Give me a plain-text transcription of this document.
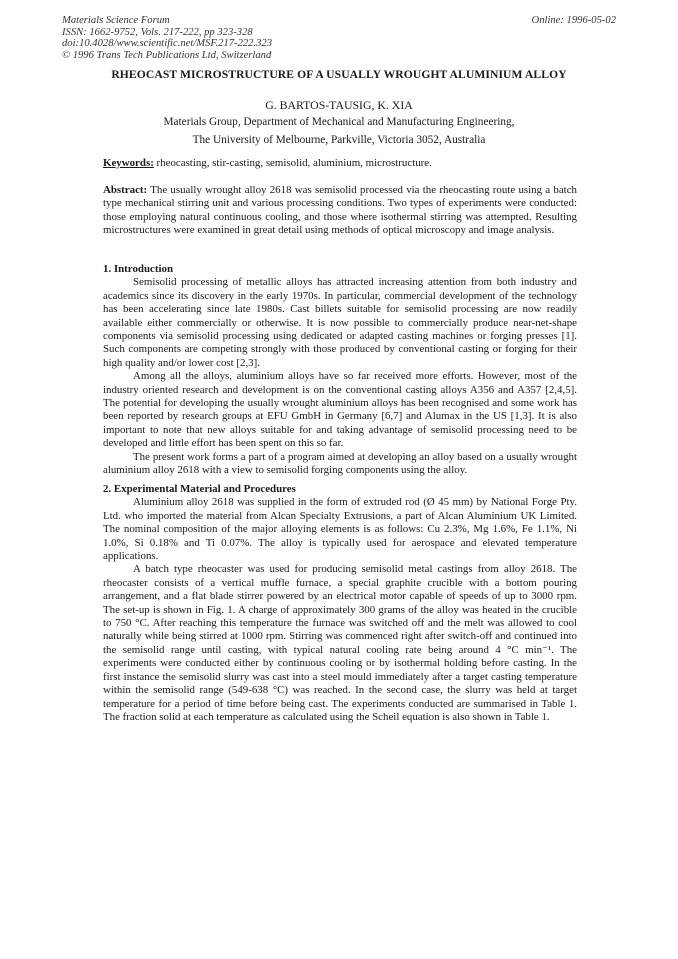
Materials Science Forum
ISSN: 1662-9752, Vols. 217-222, pp 323-328
doi:10.4028/www.scientific.net/MSF.217-222.323
© 1996 Trans Tech Publications Ltd, Switzerland
Online: 1996-05-02
RHEOCAST MICROSTRUCTURE OF A USUALLY WROUGHT ALUMINIUM ALLOY
G. BARTOS-TAUSIG, K. XIA
Materials Group, Department of Mechanical and Manufacturing Engineering,
The University of Melbourne, Parkville, Victoria 3052, Australia

Keywords: rheocasting, stir-casting, semisolid, aluminium, microstructure.

Abstract: The usually wrought alloy 2618 was semisolid processed via the rheocasting route using a batch type mechanical stirring unit and various processing conditions. Two types of experiments were conducted: those employing natural continuous cooling, and those where isothermal stirring was attempted. Resulting microstructures were examined in great detail using methods of optical microscopy and image analysis.

1. Introduction

Semisolid processing of metallic alloys has attracted increasing attention from both industry and academics since its discovery in the early 1970s. In particular, commercial development of the technology has been accelerating since late 1980s. Cast billets suitable for semisolid processing are now readily available either commercially or otherwise. It is now possible to commercially produce near-net-shape components via semisolid processing using dedicated or adapted casting machines or forging presses [1]. Such components are competing strongly with those produced by conventional casting or forging for their high quality and/or lower cost [2,3].

Among all the alloys, aluminium alloys have so far received more efforts. However, most of the industry oriented research and development is on the conventional casting alloys A356 and A357 [2,4,5]. The potential for developing the usually wrought aluminium alloys has been recognised and some work has been reported by research groups at EFU GmbH in Germany [6,7] and Alumax in the US [1,3]. It is also important to note that new alloys suitable for and taking advantage of semisolid processing need to be developed and little effort has been spent on this so far.

The present work forms a part of a program aimed at developing an alloy based on a usually wrought aluminium alloy 2618 with a view to semisolid forging components using the alloy.

2. Experimental Material and Procedures

Aluminium alloy 2618 was supplied in the form of extruded rod (Ø 45 mm) by National Forge Pty. Ltd. who imported the material from Alcan Specialty Extrusions, a part of Alcan Aluminium UK Limited. The nominal composition of the major alloying elements is as follows: Cu 2.3%, Mg 1.6%, Fe 1.1%, Ni 1.0%, Si 0.18% and Ti 0.07%. The alloy is typically used for aerospace and elevated temperature applications.

A batch type rheocaster was used for producing semisolid metal castings from alloy 2618. The rheocaster consists of a vertical muffle furnace, a special graphite crucible with a bottom pouring arrangement, and a flat blade stirrer powered by an electrical motor capable of speeds of up to 3000 rpm. The set-up is shown in Fig. 1. A charge of approximately 300 grams of the alloy was heated in the crucible to 750 °C. After reaching this temperature the furnace was switched off and the melt was allowed to cool naturally while being stirred at 1000 rpm. Stirring was commenced right after switch-off and continued into the semisolid range until casting, with typical natural cooling rate being around 4 °C min⁻¹. The experiments were conducted either by continuous cooling or by isothermal holding before casting. In the first instance the semisolid slurry was cast into a steel mould immediately after a target casting temperature within the semisolid range (549-638 °C) was reached. In the second case, the slurry was held at target temperature for a period of time before being cast. The experiments conducted are summarised in Table 1. The fraction solid at each temperature as calculated using the Scheil equation is also shown in Table 1.
